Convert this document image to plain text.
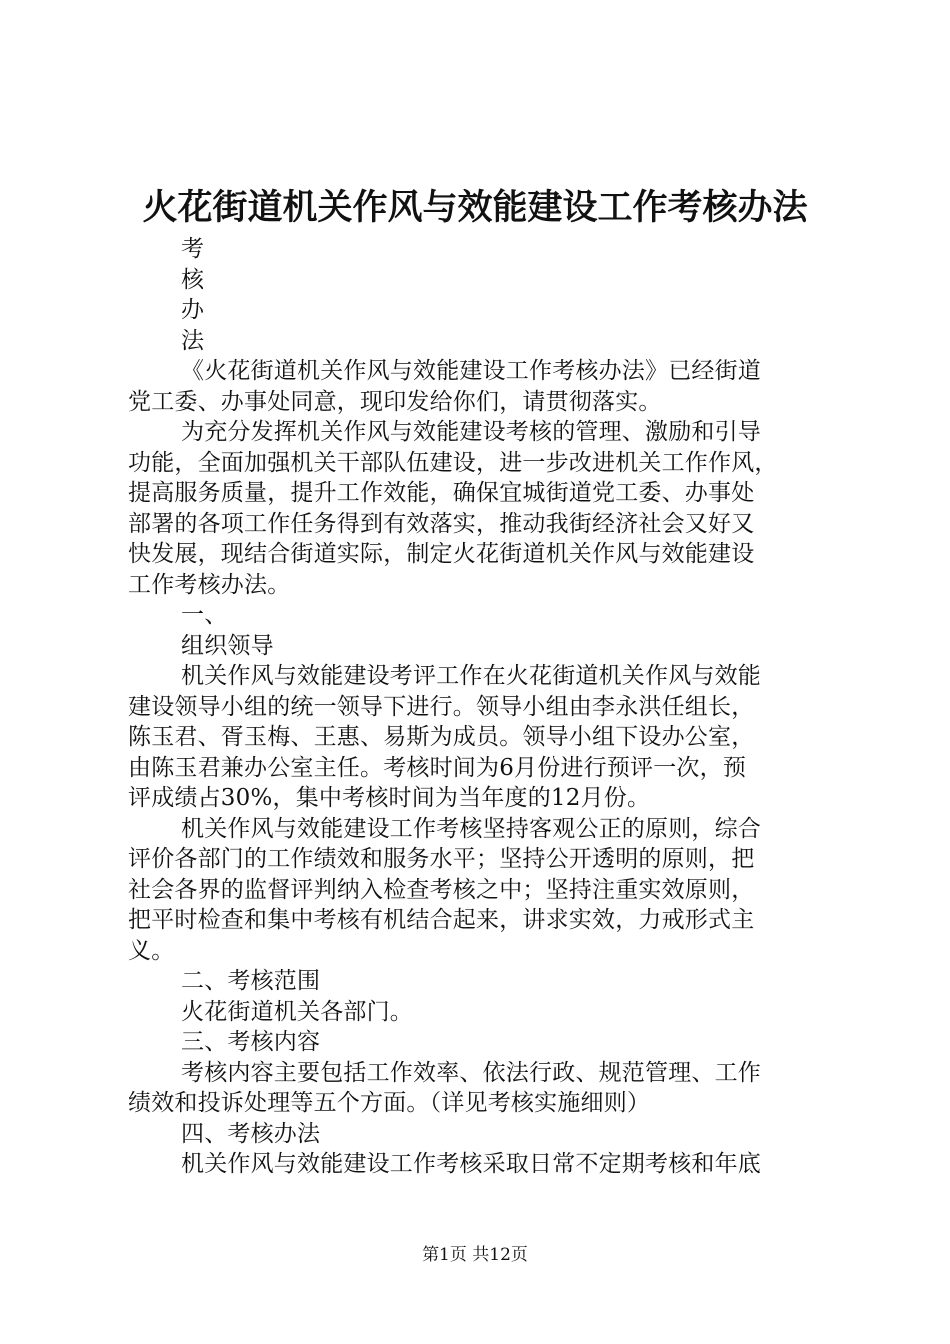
火花街道机关作风与效能建设工作考核办法
考
核
办
法
《火花街道机关作风与效能建设工作考核办法》已经街道
党工委、办事处同意，现印发给你们，请贯彻落实。
为充分发挥机关作风与效能建设考核的管理、激励和引导
功能，全面加强机关干部队伍建设，进一步改进机关工作作风，
提高服务质量，提升工作效能，确保宜城街道党工委、办事处
部署的各项工作任务得到有效落实，推动我街经济社会又好又
快发展，现结合街道实际，制定火花街道机关作风与效能建设
工作考核办法。
一、
组织领导
机关作风与效能建设考评工作在火花街道机关作风与效能
建设领导小组的统一领导下进行。领导小组由李永洪任组长，
陈玉君、胥玉梅、王惠、易斯为成员。领导小组下设办公室，
由陈玉君兼办公室主任。考核时间为6月份进行预评一次，预
评成绩占30%，集中考核时间为当年度的12月份。
机关作风与效能建设工作考核坚持客观公正的原则，综合
评价各部门的工作绩效和服务水平；坚持公开透明的原则，把
社会各界的监督评判纳入检查考核之中；坚持注重实效原则，
把平时检查和集中考核有机结合起来，讲求实效，力戒形式主
义。
二、考核范围
火花街道机关各部门。
三、考核内容
考核内容主要包括工作效率、依法行政、规范管理、工作
绩效和投诉处理等五个方面。（详见考核实施细则）
四、考核办法
机关作风与效能建设工作考核采取日常不定期考核和年底
第1页 共12页
